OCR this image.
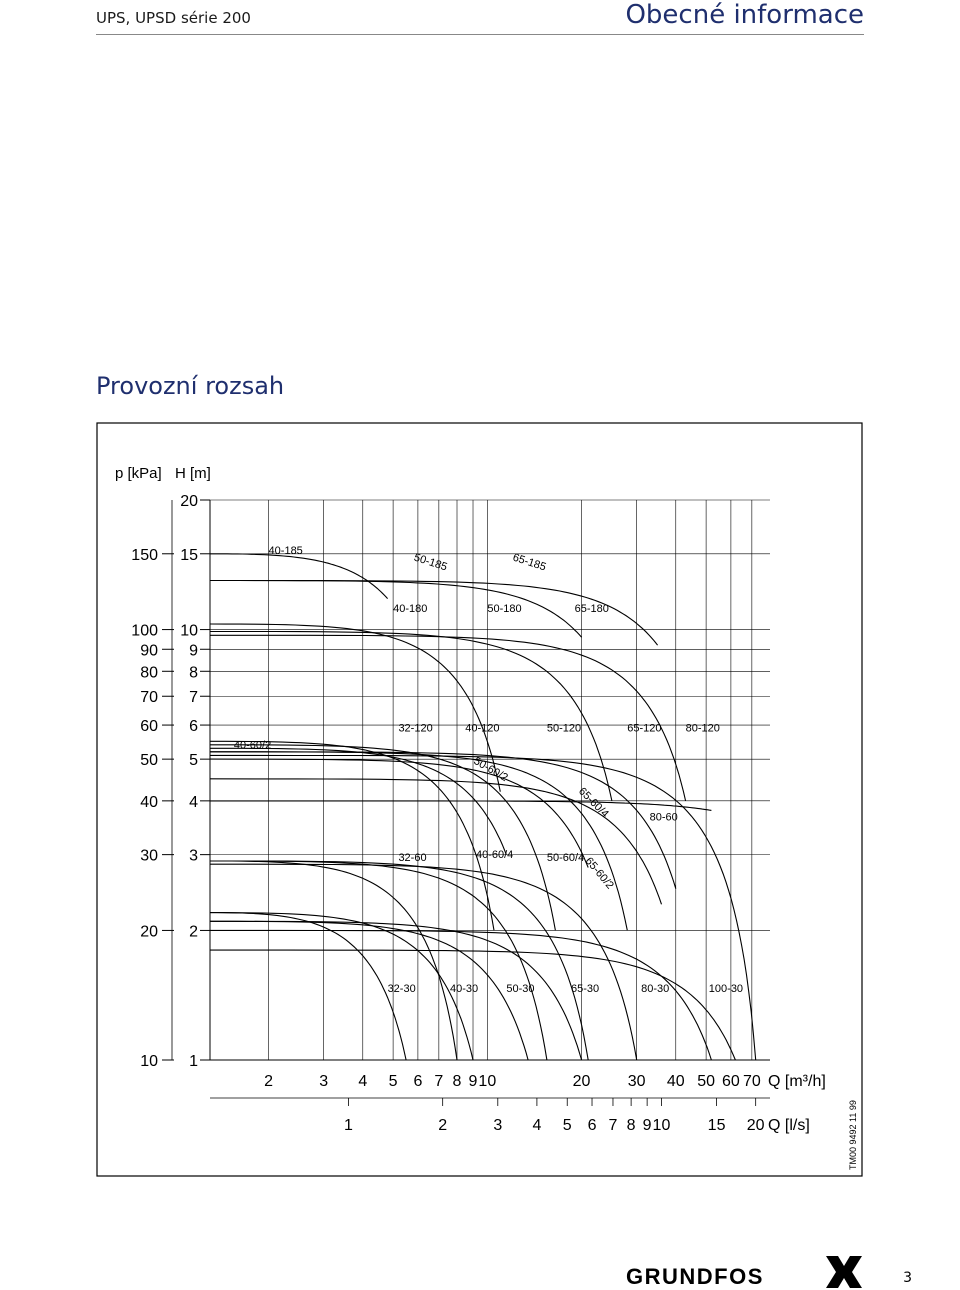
UPS, UPSD série 200	Obecné informace
Provozní rozsah
p [kPa] H [m]
20
15
10
9
8
7
6
5
4
3
2
1
150
100
90
80
70
60
50
40
30
20
10
2	3 4 5 6 7 8 9 10	20 30 40 50 60 70 Q [m³/h]
1	2	3 4 5 6 7 8 9 10 15 20 Q [l/s]
40-185
50-185	65-185
40-180	50-180	65-180
32-120	40-120	50-120	65-120 80-120
40-60/2
50-60/2
65-60/4	80-60
32-60	40-60/4	50-60/4
65-60/2
32-30	40-30	50-30	65-30	80-30	100-30
TM00 9492 11 99
GRUNDFOS	3
